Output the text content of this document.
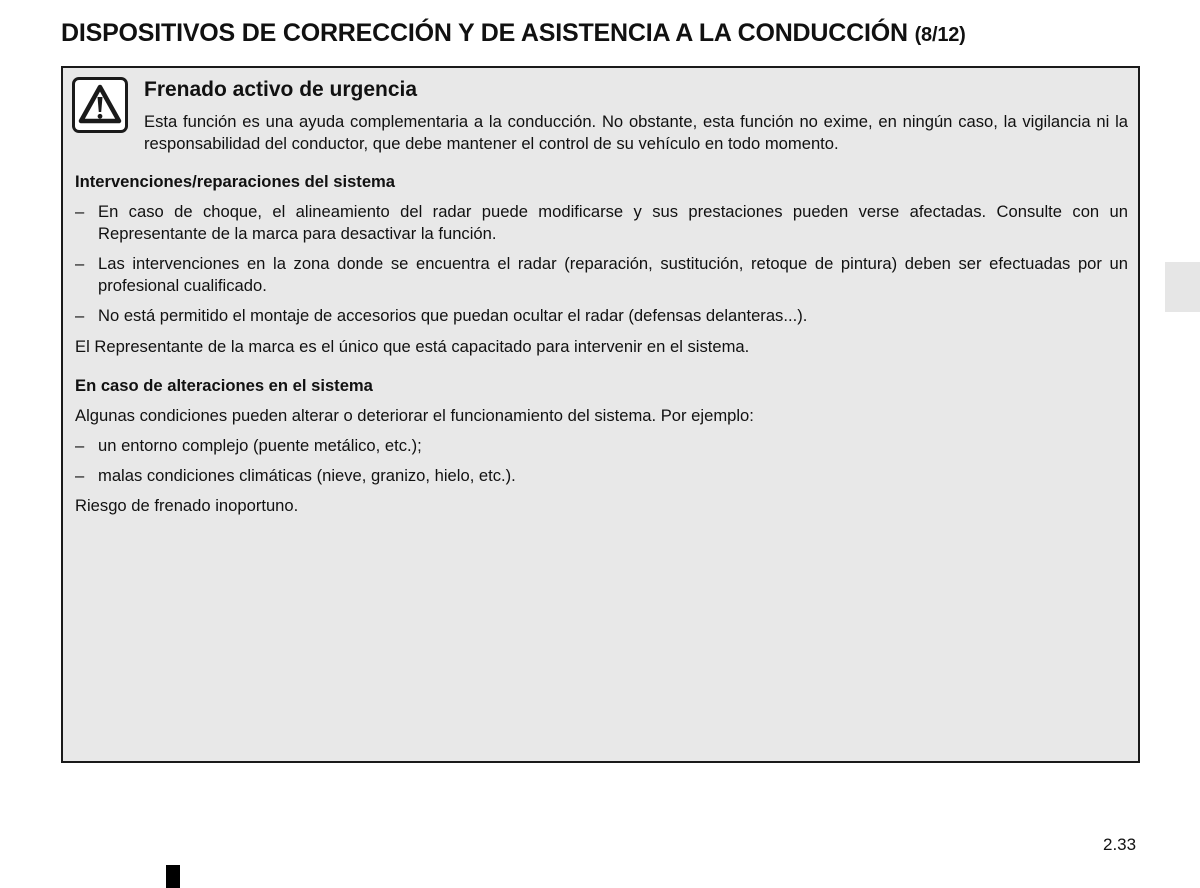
DISPOSITIVOS DE CORRECCIÓN Y DE ASISTENCIA A LA CONDUCCIÓN (8/12)
Frenado activo de urgencia

Esta función es una ayuda complementaria a la conducción. No obstante, esta función no exime, en ningún caso, la vigilancia ni la responsabilidad del conductor, que debe mantener el control de su vehículo en todo momento.

Intervenciones/reparaciones del sistema
– En caso de choque, el alineamiento del radar puede modificarse y sus prestaciones pueden verse afectadas. Consulte con un Representante de la marca para desactivar la función.
– Las intervenciones en la zona donde se encuentra el radar (reparación, sustitución, retoque de pintura) deben ser efectuadas por un profesional cualificado.
– No está permitido el montaje de accesorios que puedan ocultar el radar (defensas delanteras...).

El Representante de la marca es el único que está capacitado para intervenir en el sistema.

En caso de alteraciones en el sistema

Algunas condiciones pueden alterar o deteriorar el funcionamiento del sistema. Por ejemplo:

– un entorno complejo (puente metálico, etc.);
– malas condiciones climáticas (nieve, granizo, hielo, etc.).

Riesgo de frenado inoportuno.

2.33
